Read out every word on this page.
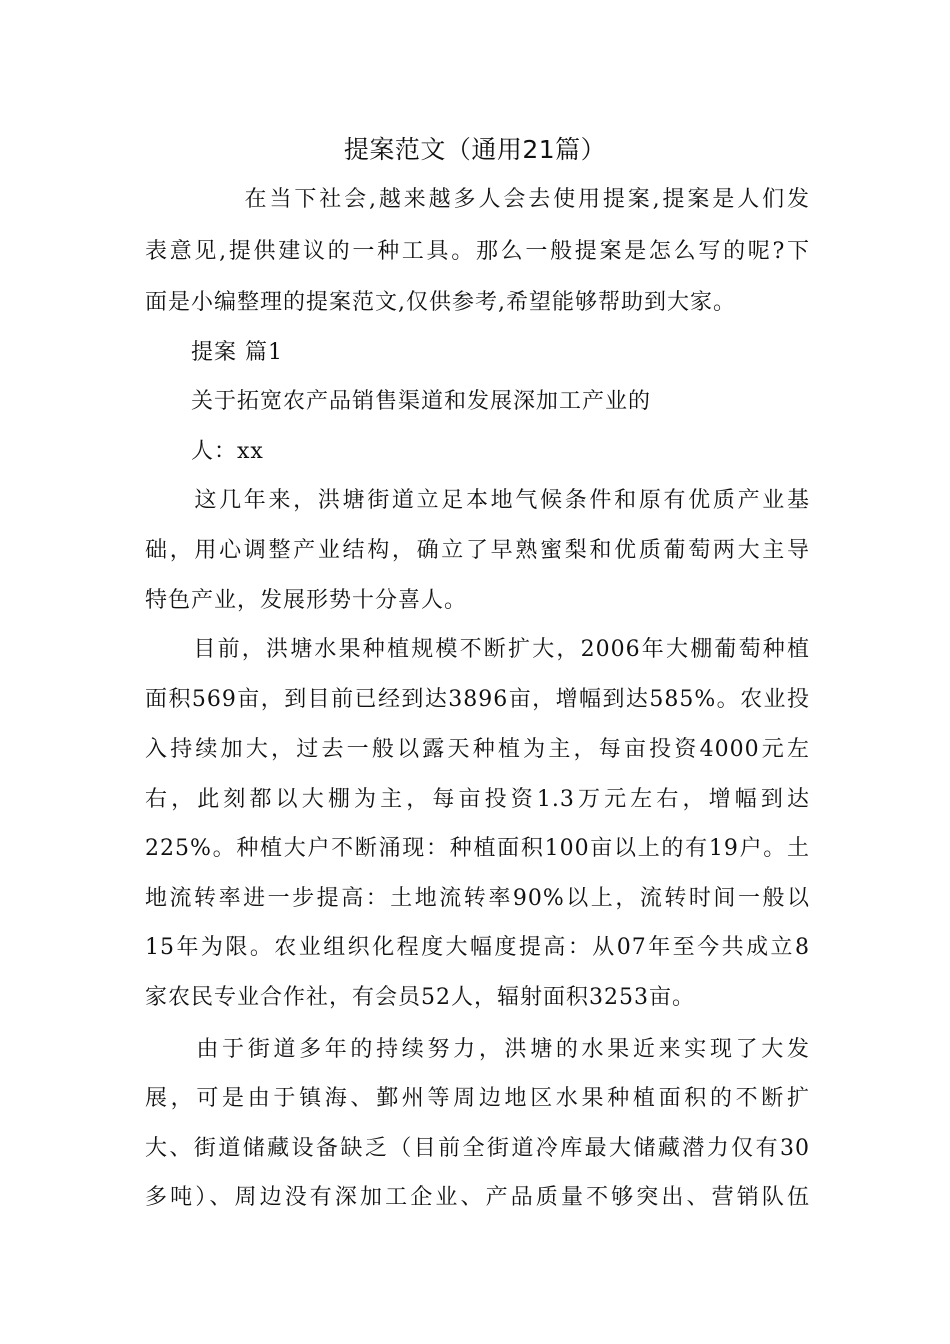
提案范文（通用21篇）
　　　　在当下社会,越来越多人会去使用提案,提案是人们发
表意见,提供建议的一种工具。那么一般提案是怎么写的呢?下
面是小编整理的提案范文,仅供参考,希望能够帮助到大家。
　　提案 篇1
　　关于拓宽农产品销售渠道和发展深加工产业的
　　人：xx
　　这几年来，洪塘街道立足本地气候条件和原有优质产业基
础，用心调整产业结构，确立了早熟蜜梨和优质葡萄两大主导
特色产业，发展形势十分喜人。
　　目前，洪塘水果种植规模不断扩大，2006年大棚葡萄种植
面积569亩，到目前已经到达3896亩，增幅到达585%。农业投
入持续加大，过去一般以露天种植为主，每亩投资4000元左
右，此刻都以大棚为主，每亩投资1.3万元左右，增幅到达
225%。种植大户不断涌现：种植面积100亩以上的有19户。土
地流转率进一步提高：土地流转率90%以上，流转时间一般以
15年为限。农业组织化程度大幅度提高：从07年至今共成立8
家农民专业合作社，有会员52人，辐射面积3253亩。
　　由于街道多年的持续努力，洪塘的水果近来实现了大发
展，可是由于镇海、鄞州等周边地区水果种植面积的不断扩
大、街道储藏设备缺乏（目前全街道冷库最大储藏潜力仅有30
多吨）、周边没有深加工企业、产品质量不够突出、营销队伍
